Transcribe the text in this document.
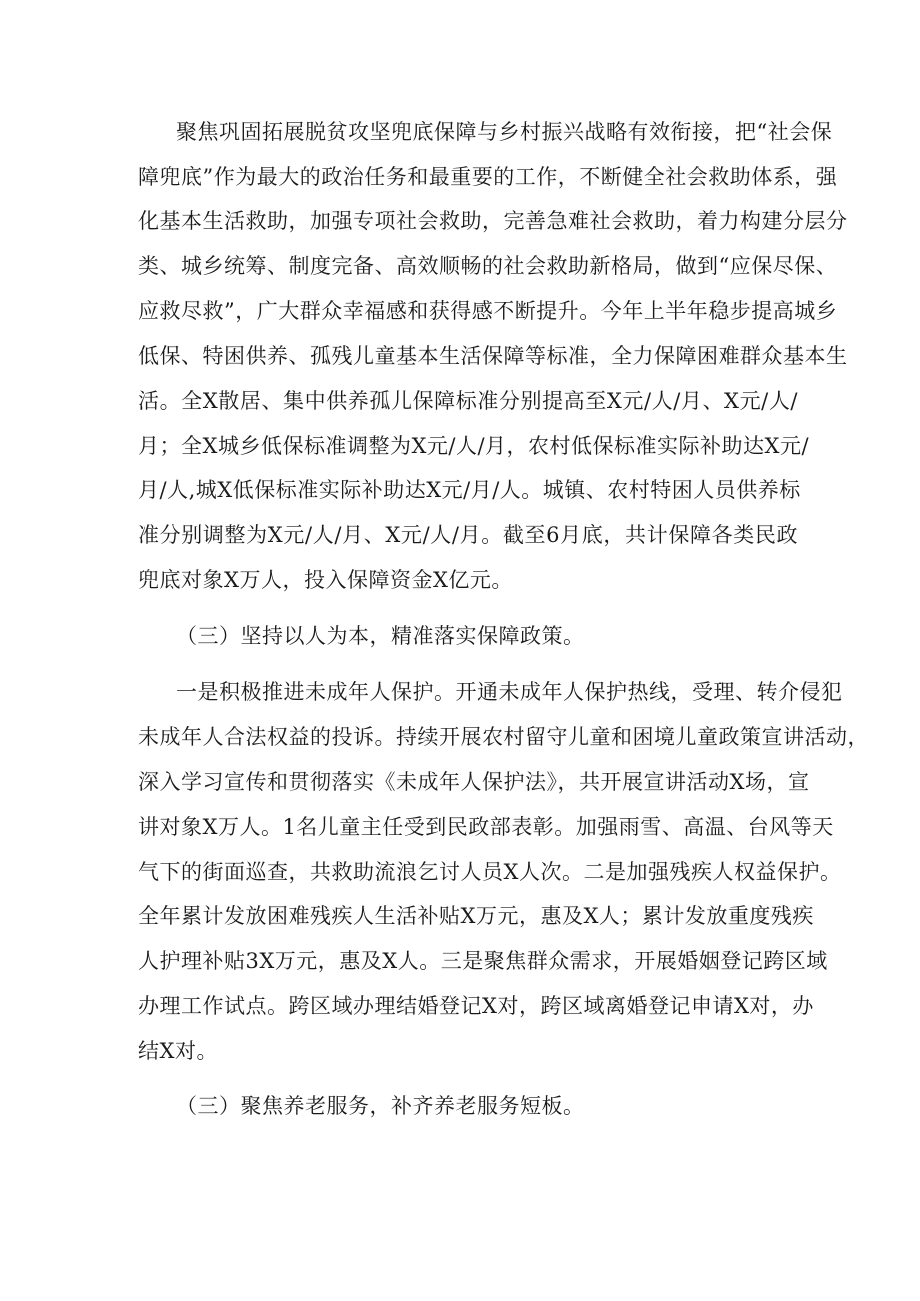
聚焦巩固拓展脱贫攻坚兜底保障与乡村振兴战略有效衔接，把“社会保
障兜底”作为最大的政治任务和最重要的工作，不断健全社会救助体系，强
化基本生活救助，加强专项社会救助，完善急难社会救助，着力构建分层分
类、城乡统筹、制度完备、高效顺畅的社会救助新格局，做到“应保尽保、
应救尽救”，广大群众幸福感和获得感不断提升。今年上半年稳步提高城乡
低保、特困供养、孤残儿童基本生活保障等标准，全力保障困难群众基本生
活。全X散居、集中供养孤儿保障标准分别提高至X元/人/月、X元/人/
月；全X城乡低保标准调整为X元/人/月，农村低保标准实际补助达X元/
月/人,城X低保标准实际补助达X元/月/人。城镇、农村特困人员供养标
准分别调整为X元/人/月、X元/人/月。截至6月底，共计保障各类民政
兜底对象X万人，投入保障资金X亿元。
（三）坚持以人为本，精准落实保障政策。
一是积极推进未成年人保护。开通未成年人保护热线，受理、转介侵犯
未成年人合法权益的投诉。持续开展农村留守儿童和困境儿童政策宣讲活动，
深入学习宣传和贯彻落实《未成年人保护法》，共开展宣讲活动X场，宣
讲对象X万人。1名儿童主任受到民政部表彰。加强雨雪、高温、台风等天
气下的街面巡查，共救助流浪乞讨人员X人次。二是加强残疾人权益保护。
全年累计发放困难残疾人生活补贴X万元，惠及X人；累计发放重度残疾
人护理补贴3X万元，惠及X人。三是聚焦群众需求，开展婚姻登记跨区域
办理工作试点。跨区域办理结婚登记X对，跨区域离婚登记申请X对，办
结X对。
（三）聚焦养老服务，补齐养老服务短板。
